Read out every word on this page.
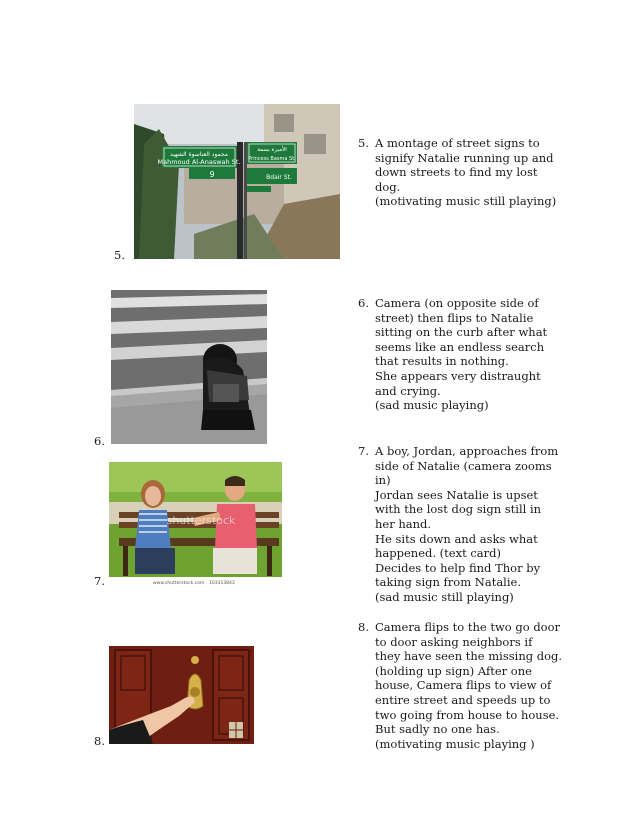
5.
6.
7.
8.
محمود العناسوة الشهيد
Mahmoud Al-Anaswah St.
9
الأميرة بسمة
Princess Basma St.
Bdair St.
shutterstock
www.shutterstock.com 103313843
5. A montage of street signs to
signify Natalie running up and
down streets to find my lost
dog.
(motivating music still playing)
6. Camera (on opposite side of
street) then flips to Natalie
sitting on the curb after what
seems like an endless search
that results in nothing.
She appears very distraught
and crying.
(sad music playing)
7. A boy, Jordan, approaches from
side of Natalie (camera zooms
in)
Jordan sees Natalie is upset
with the lost dog sign still in
her hand.
He sits down and asks what
happened. (text card)
Decides to help find Thor by
taking sign from Natalie.
(sad music still playing)
8. Camera flips to the two go door
to door asking neighbors if
they have seen the missing dog.
(holding up sign) After one
house, Camera flips to view of
entire street and speeds up to
two going from house to house.
But sadly no one has.
(motivating music playing )
